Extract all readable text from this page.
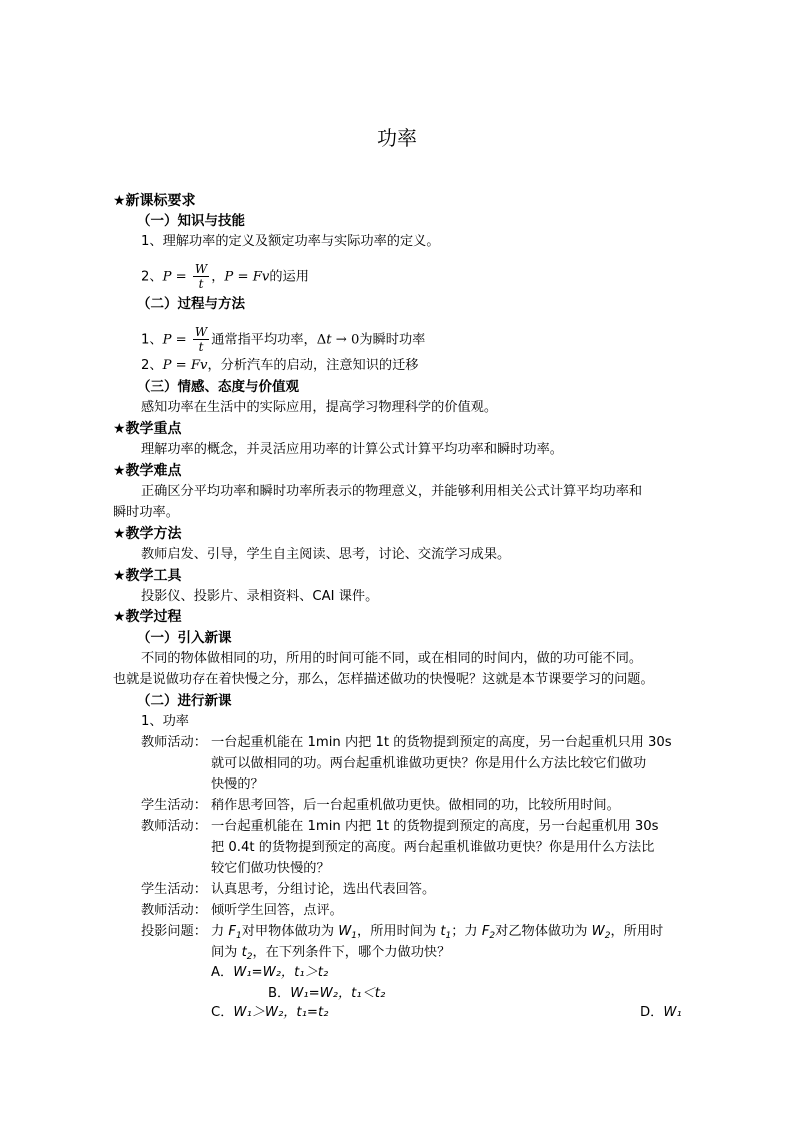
功率
★新课标要求
（一）知识与技能
1、理解功率的定义及额定功率与实际功率的定义。
2、$P = \frac{W}{t}$ ，P = Fv的运用
（二）过程与方法
1、$P = \frac{W}{t}$ 通常指平均功率，Δt → 0为瞬时功率
2、P = Fv，分析汽车的启动，注意知识的迁移
（三）情感、态度与价值观
感知功率在生活中的实际应用，提高学习物理科学的价值观。
★教学重点
理解功率的概念，并灵活应用功率的计算公式计算平均功率和瞬时功率。
★教学难点
正确区分平均功率和瞬时功率所表示的物理意义，并能够利用相关公式计算平均功率和
瞬时功率。
★教学方法
教师启发、引导，学生自主阅读、思考，讨论、交流学习成果。
★教学工具
投影仪、投影片、录相资料、CAI 课件。
★教学过程
（一）引入新课
不同的物体做相同的功，所用的时间可能不同，或在相同的时间内，做的功可能不同。
也就是说做功存在着快慢之分，那么，怎样描述做功的快慢呢？这就是本节课要学习的问题。
（二）进行新课
1、功率
教师活动： 一台起重机能在 1min 内把 1t 的货物提到预定的高度，另一台起重机只用 30s
就可以做相同的功。两台起重机谁做功更快？你是用什么方法比较它们做功
快慢的？
学生活动： 稍作思考回答，后一台起重机做功更快。做相同的功，比较所用时间。
教师活动： 一台起重机能在 1min 内把 1t 的货物提到预定的高度，另一台起重机用 30s
把 0.4t 的货物提到预定的高度。两台起重机谁做功更快？你是用什么方法比
较它们做功快慢的？
学生活动： 认真思考，分组讨论，选出代表回答。
教师活动： 倾听学生回答，点评。
投影问题： 力 $F_1$对甲物体做功为 $W_1$，所用时间为 $t_1$；力 $F_2$对乙物体做功为 $W_2$，所用时
间为 $t_2$，在下列条件下，哪个力做功快？
A．W₁=W₂，t₁＞t₂
B．W₁=W₂，t₁＜t₂
C．W₁＞W₂，t₁=t₂	D．W₁
